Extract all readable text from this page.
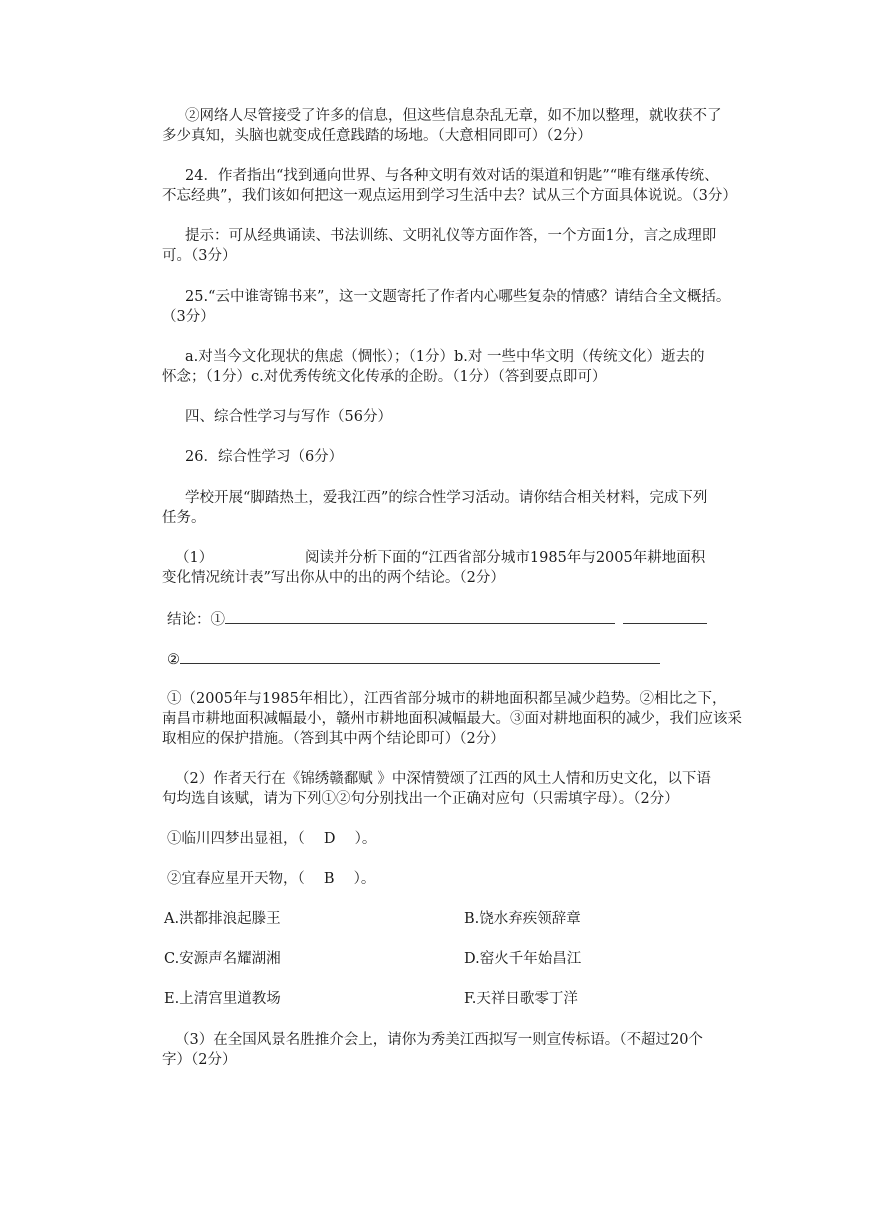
②网络人尽管接受了许多的信息，但这些信息杂乱无章，如不加以整理，就收获不了
多少真知，头脑也就变成任意践踏的场地。（大意相同即可）（2分）
24．作者指出“找到通向世界、与各种文明有效对话的渠道和钥匙”“唯有继承传统、
不忘经典”，我们该如何把这一观点运用到学习生活中去？试从三个方面具体说说。（3分）
提示：可从经典诵读、书法训练、文明礼仪等方面作答，一个方面1分，言之成理即
可。（3分）
25.“云中谁寄锦书来”，这一文题寄托了作者内心哪些复杂的情感？请结合全文概括。
（3分）
a.对当今文化现状的焦虑（惆怅）；（1分）b.对 一些中华文明（传统文化）逝去的
怀念；（1分）c.对优秀传统文化传承的企盼。（1分）（答到要点即可）
四、综合性学习与写作（56分）
26．综合性学习（6分）
学校开展“脚踏热土，爱我江西”的综合性学习活动。请你结合相关材料，完成下列
任务。
（1）	阅读并分析下面的“江西省部分城市1985年与2005年耕地面积
变化情况统计表”写出你从中的出的两个结论。（2分）
结论：①
②
①（2005年与1985年相比），江西省部分城市的耕地面积都呈减少趋势。②相比之下，
南昌市耕地面积减幅最小，赣州市耕地面积减幅最大。③面对耕地面积的减少，我们应该采
取相应的保护措施。（答到其中两个结论即可）（2分）
（2）作者天行在《锦绣赣鄱赋 》中深情赞颂了江西的风土人情和历史文化，以下语
句均选自该赋，请为下列①②句分别找出一个正确对应句（只需填字母）。（2分）
①临川四梦出显祖，（　 D　 ）。
②宜春应星开天物，（　 B　 ）。
A.洪都排浪起滕王	B.饶水弃疾领辞章
C.安源声名耀湖湘	D.窑火千年始昌江
E.上清宫里道教场	F.天祥日歌零丁洋
（3）在全国风景名胜推介会上，请你为秀美江西拟写一则宣传标语。（不超过20个
字）（2分）
